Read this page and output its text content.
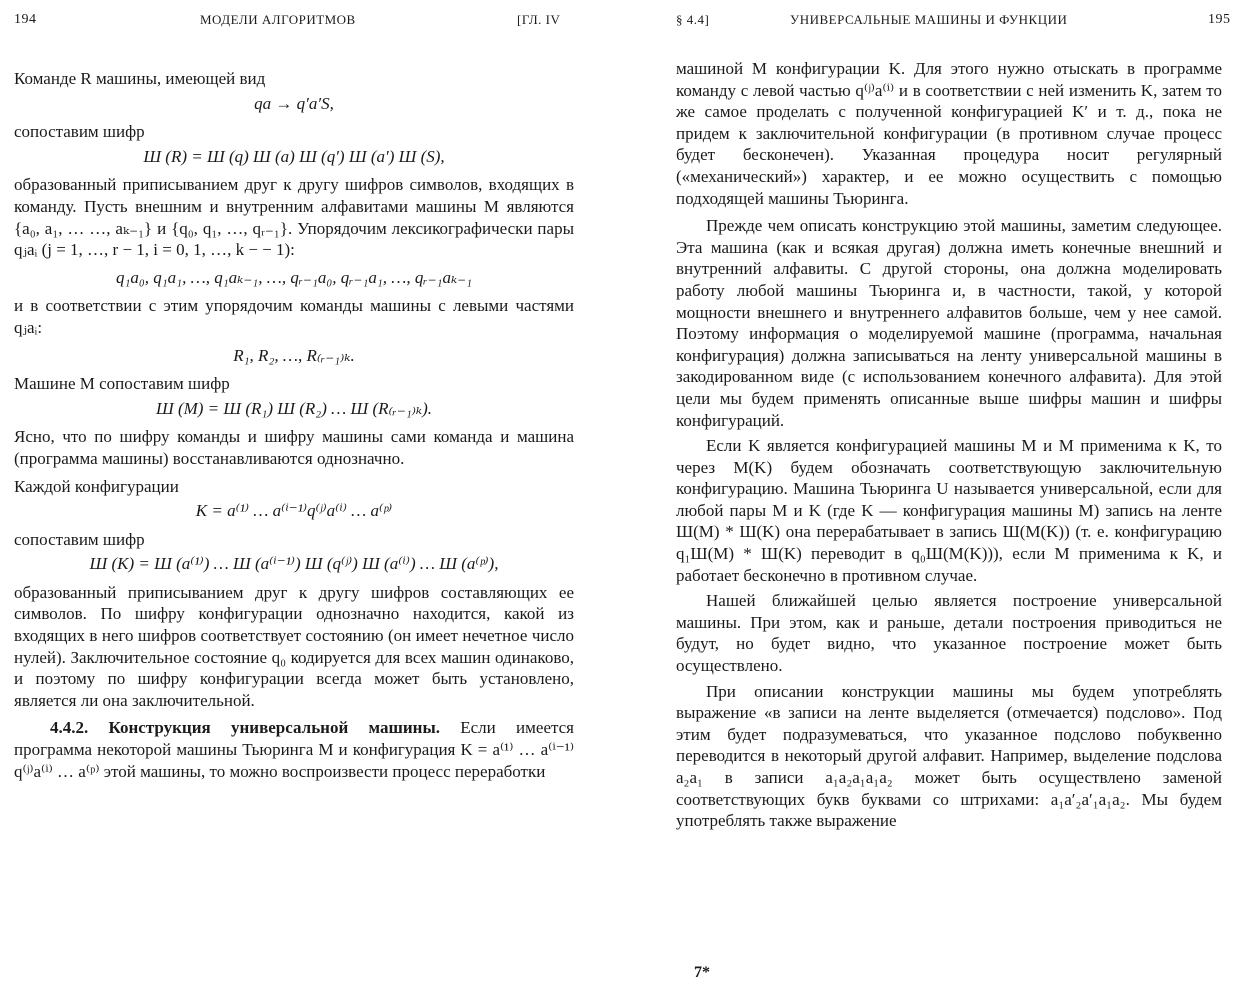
194	МОДЕЛИ АЛГОРИТМОВ	[ГЛ. IV

Команде R машины, имеющей вид

qa → q′a′S,

сопоставим шифр

Ш (R) = Ш (q) Ш (a) Ш (q′) Ш (a′) Ш (S),

образованный приписыванием друг к другу шифров символов, входящих в команду. Пусть внешним и внутренним алфавитами машины M являются {a₀, a₁, … …, aₖ₋₁} и {q₀, q₁, …, qᵣ₋₁}. Упорядочим лексикографически пары qⱼaᵢ (j = 1, …, r − 1, i = 0, 1, …, k − − 1):

q₁a₀, q₁a₁, …, q₁aₖ₋₁, …, qᵣ₋₁a₀, qᵣ₋₁a₁, …, qᵣ₋₁aₖ₋₁

и в соответствии с этим упорядочим команды машины с левыми частями qⱼaᵢ:

R₁, R₂, …, R₍ᵣ₋₁₎ₖ.

Машине M сопоставим шифр

Ш (M) = Ш (R₁) Ш (R₂) … Ш (R₍ᵣ₋₁₎ₖ).

Ясно, что по шифру команды и шифру машины сами команда и машина (программа машины) восстанавливаются однозначно.

Каждой конфигурации

K = a⁽¹⁾ … a⁽ⁱ⁻¹⁾q⁽ʲ⁾a⁽ⁱ⁾ … a⁽ᵖ⁾

сопоставим шифр

Ш (K) = Ш (a⁽¹⁾) … Ш (a⁽ⁱ⁻¹⁾) Ш (q⁽ʲ⁾) Ш (a⁽ⁱ⁾) … Ш (a⁽ᵖ⁾),

образованный приписыванием друг к другу шифров составляющих ее символов. По шифру конфигурации однозначно находится, какой из входящих в него шифров соответствует состоянию (он имеет нечетное число нулей). Заключительное состояние q₀ кодируется для всех машин одинаково, и поэтому по шифру конфигурации всегда может быть установлено, является ли она заключительной.

4.4.2. Конструкция универсальной машины. Если имеется программа некоторой машины Тьюринга M и конфигурация K = a⁽¹⁾ … a⁽ⁱ⁻¹⁾q⁽ʲ⁾a⁽ⁱ⁾ … a⁽ᵖ⁾ этой машины, то можно воспроизвести процесс переработки

§ 4.4]	УНИВЕРСАЛЬНЫЕ МАШИНЫ И ФУНКЦИИ	195

машиной M конфигурации K. Для этого нужно отыскать в программе команду с левой частью q⁽ʲ⁾a⁽ⁱ⁾ и в соответствии с ней изменить K, затем то же самое проделать с полученной конфигурацией K′ и т. д., пока не придем к заключительной конфигурации (в противном случае процесс будет бесконечен). Указанная процедура носит регулярный («механический») характер, и ее можно осуществить с помощью подходящей машины Тьюринга.

Прежде чем описать конструкцию этой машины, заметим следующее. Эта машина (как и всякая другая) должна иметь конечные внешний и внутренний алфавиты. С другой стороны, она должна моделировать работу любой машины Тьюринга и, в частности, такой, у которой мощности внешнего и внутреннего алфавитов больше, чем у нее самой. Поэтому информация о моделируемой машине (программа, начальная конфигурация) должна записываться на ленту универсальной машины в закодированном виде (с использованием конечного алфавита). Для этой цели мы будем применять описанные выше шифры машин и шифры конфигураций.

Если K является конфигурацией машины M и M применима к K, то через M(K) будем обозначать соответствующую заключительную конфигурацию. Машина Тьюринга U называется универсальной, если для любой пары M и K (где K — конфигурация машины M) запись на ленте Ш(M) * Ш(K) она перерабатывает в запись Ш(M(K)) (т. е. конфигурацию q₁Ш(M) * Ш(K) переводит в q₀Ш(M(K))), если M применима к K, и работает бесконечно в противном случае.

Нашей ближайшей целью является построение универсальной машины. При этом, как и раньше, детали построения приводиться не будут, но будет видно, что указанное построение может быть осуществлено.

При описании конструкции машины мы будем употреблять выражение «в записи на ленте выделяется (отмечается) подслово». Под этим будет подразумеваться, что указанное подслово побуквенно переводится в некоторый другой алфавит. Например, выделение подслова a₂a₁ в записи a₁a₂a₁a₁a₂ может быть осуществлено заменой соответствующих букв буквами со штрихами: a₁a′₂a′₁a₁a₂. Мы будем употреблять также выражение

7*
